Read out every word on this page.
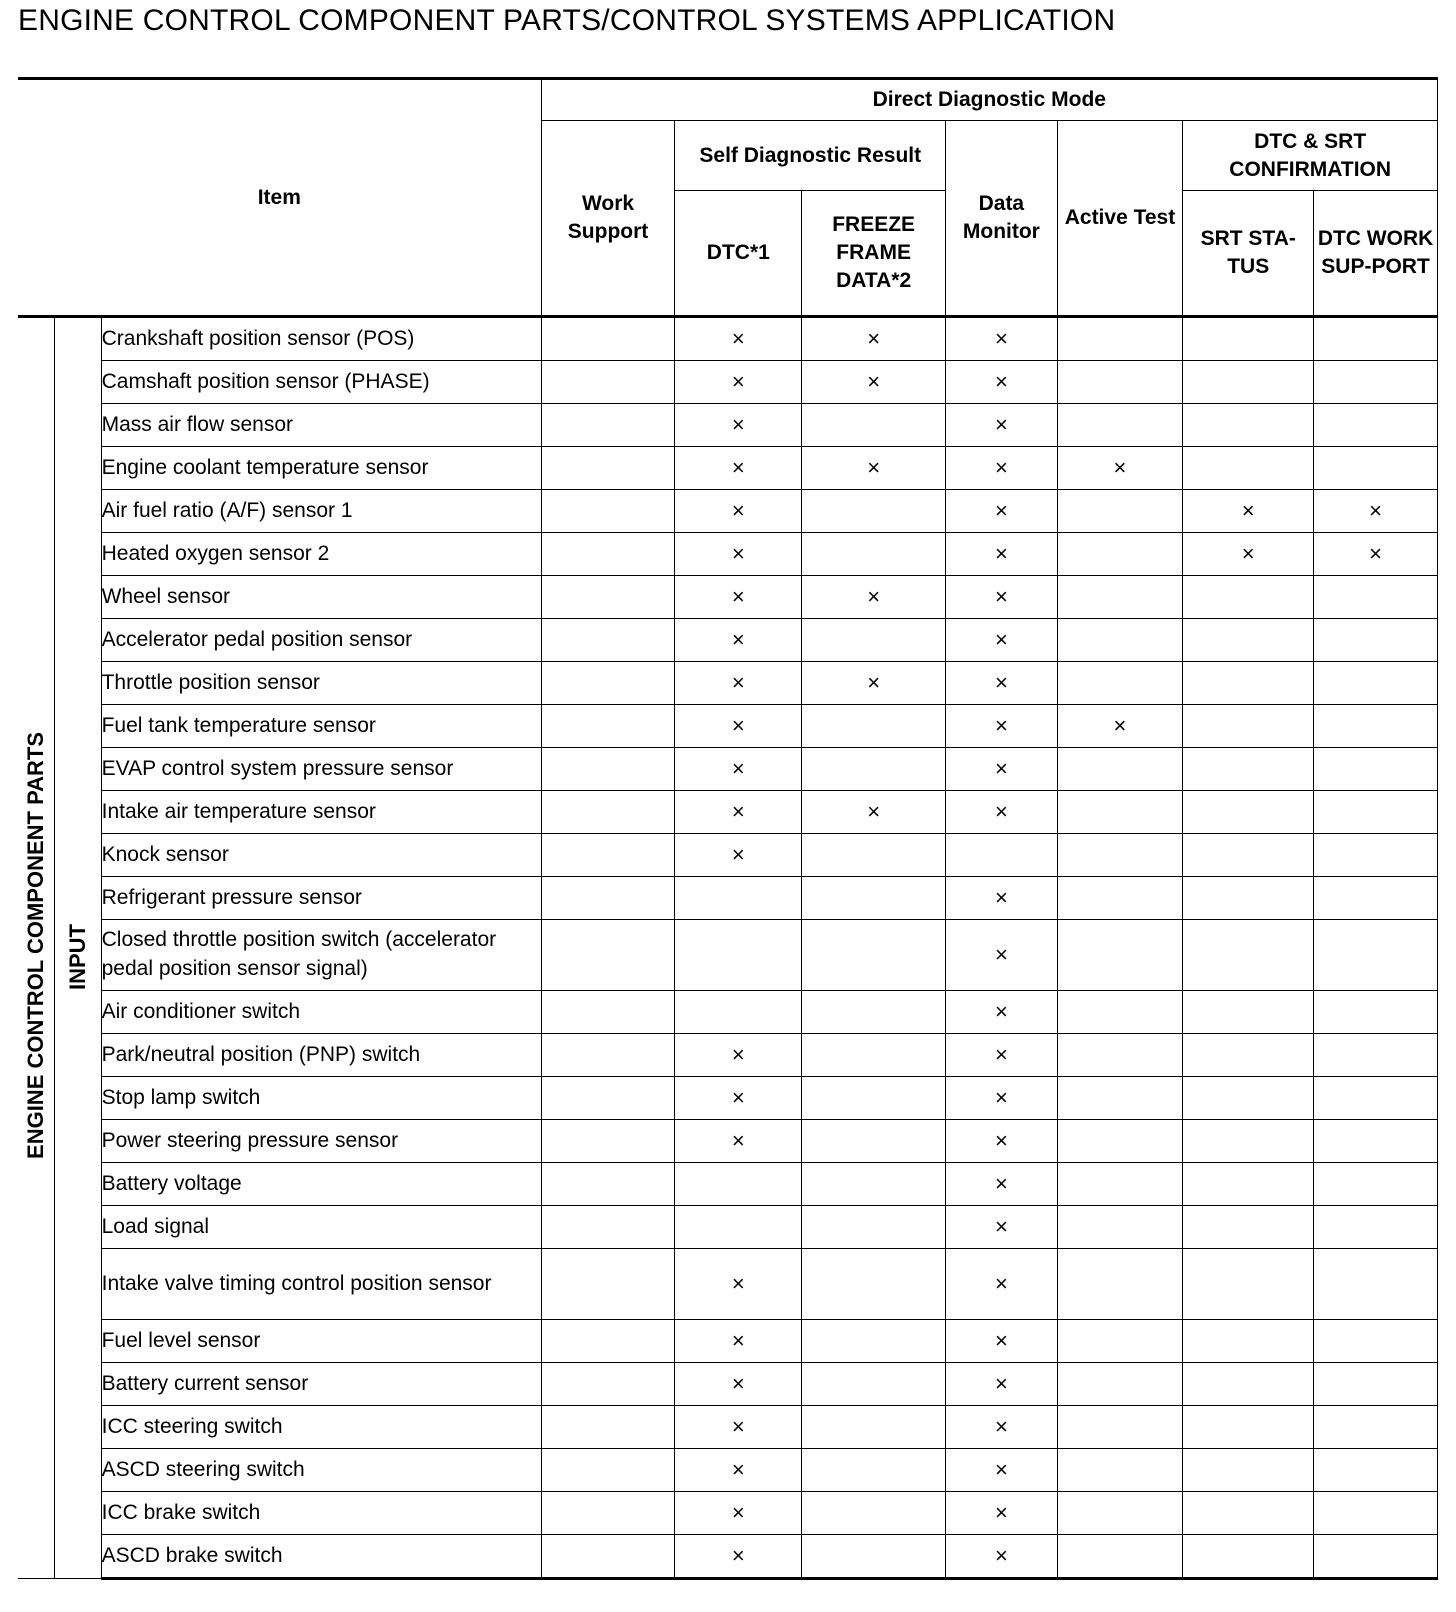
ENGINE CONTROL COMPONENT PARTS/CONTROL SYSTEMS APPLICATION
Item			Direct Diagnostic Mode						
			Work Support	Self Diagnostic Result		Data Monitor	Active Test	DTC & SRT CONFIRMATION	
				DTC*1	FREEZE FRAME DATA*2			SRT STA-TUS	DTC WORK SUP-PORT

ENGINE CONTROL COMPONENT PARTS	INPUT	Crankshaft position sensor (POS)		×	×	×			
		Camshaft position sensor (PHASE)		×	×	×			
		Mass air flow sensor		×		×			
		Engine coolant temperature sensor		×	×	×	×		
		Air fuel ratio (A/F) sensor 1		×		×		×	×
		Heated oxygen sensor 2		×		×		×	×
		Wheel sensor		×	×	×			
		Accelerator pedal position sensor		×		×			
		Throttle position sensor		×	×	×			
		Fuel tank temperature sensor		×		×	×		
		EVAP control system pressure sensor		×		×			
		Intake air temperature sensor		×	×	×			
		Knock sensor		×					
		Refrigerant pressure sensor				×			
		Closed throttle position switch (accelerator pedal position sensor signal)				×			
		Air conditioner switch				×			
		Park/neutral position (PNP) switch		×		×			
		Stop lamp switch		×		×			
		Power steering pressure sensor		×		×			
		Battery voltage				×			
		Load signal				×			
		Intake valve timing control position sensor		×		×			
		Fuel level sensor		×		×			
		Battery current sensor		×		×			
		ICC steering switch		×		×			
		ASCD steering switch		×		×			
		ICC brake switch		×		×			
		ASCD brake switch		×		×			
